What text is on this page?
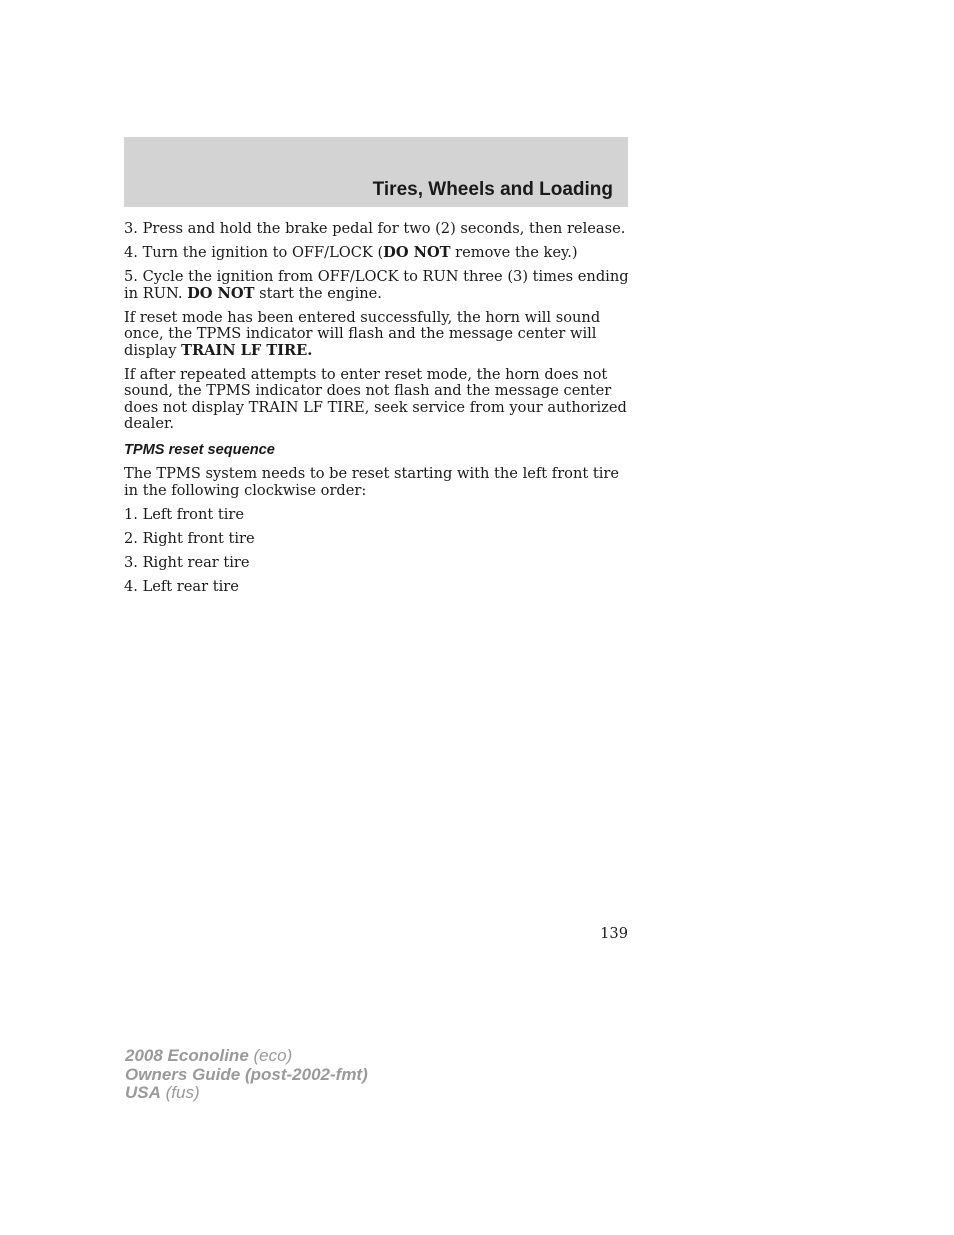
Tires, Wheels and Loading

3. Press and hold the brake pedal for two (2) seconds, then release.

4. Turn the ignition to OFF/LOCK (DO NOT remove the key.)

5. Cycle the ignition from OFF/LOCK to RUN three (3) times ending in RUN. DO NOT start the engine.

If reset mode has been entered successfully, the horn will sound once, the TPMS indicator will flash and the message center will display TRAIN LF TIRE.

If after repeated attempts to enter reset mode, the horn does not sound, the TPMS indicator does not flash and the message center does not display TRAIN LF TIRE, seek service from your authorized dealer.

TPMS reset sequence

The TPMS system needs to be reset starting with the left front tire in the following clockwise order:

1. Left front tire

2. Right front tire

3. Right rear tire

4. Left rear tire

139
2008 Econoline (eco)
Owners Guide (post-2002-fmt)
USA (fus)
